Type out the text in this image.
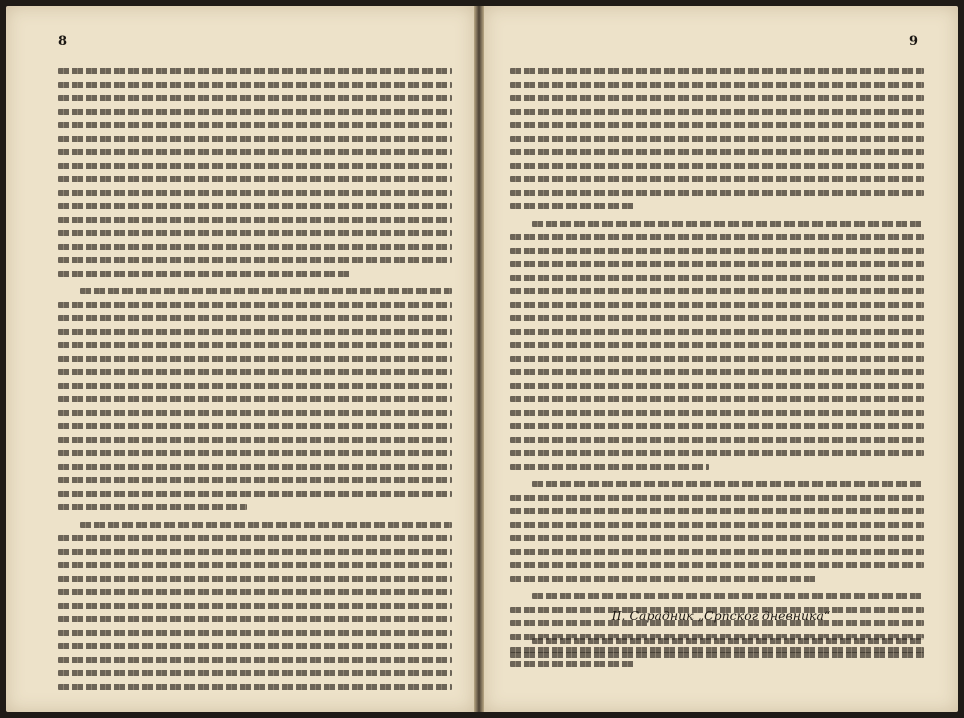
8	9
II. Сарадник „Српског дневника“
